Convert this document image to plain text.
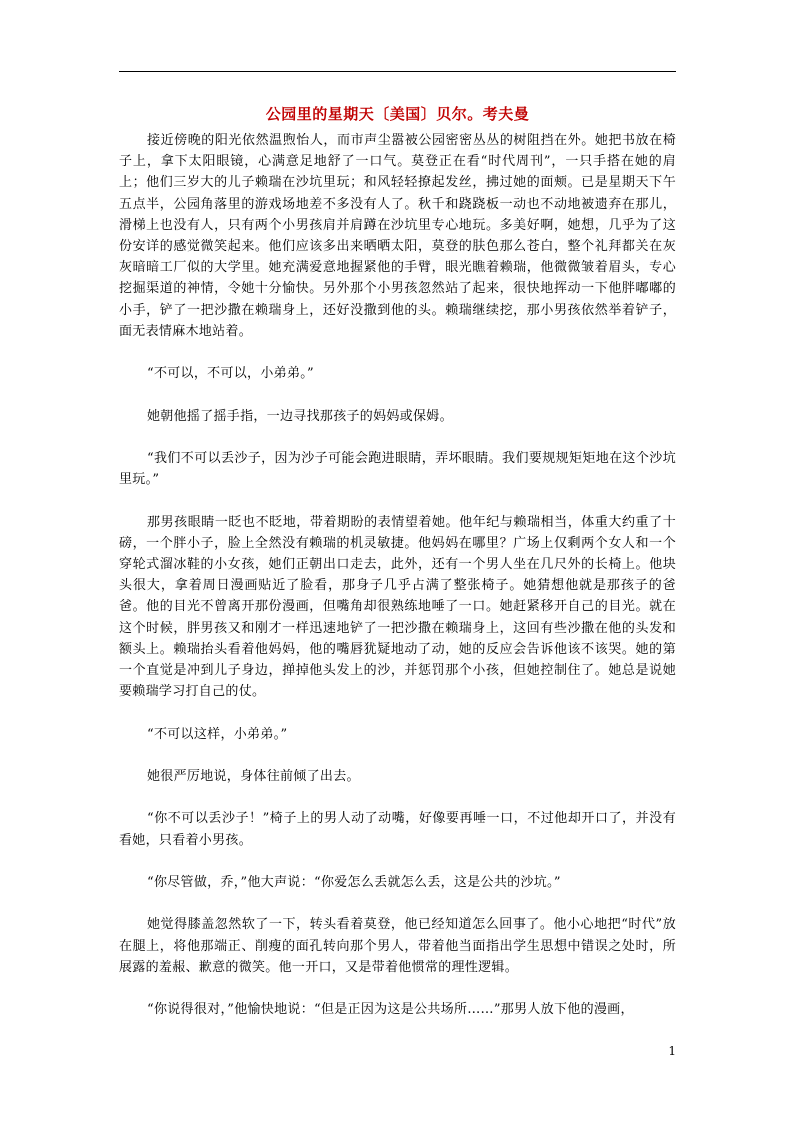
公园里的星期天〔美国〕贝尔。考夫曼

接近傍晚的阳光依然温煦怡人，而市声尘嚣被公园密密丛丛的树阻挡在外。她把书放在椅子上，拿下太阳眼镜，心满意足地舒了一口气。莫登正在看“时代周刊”，一只手搭在她的肩上；他们三岁大的儿子赖瑞在沙坑里玩；和风轻轻撩起发丝，拂过她的面颊。已是星期天下午五点半，公园角落里的游戏场地差不多没有人了。秋千和跷跷板一动也不动地被遗弃在那儿，滑梯上也没有人，只有两个小男孩肩并肩蹲在沙坑里专心地玩。多美好啊，她想，几乎为了这份安详的感觉微笑起来。他们应该多出来晒晒太阳，莫登的肤色那么苍白，整个礼拜都关在灰灰暗暗工厂似的大学里。她充满爱意地握紧他的手臂，眼光瞧着赖瑞，他微微皱着眉头，专心挖掘渠道的神情，令她十分愉快。另外那个小男孩忽然站了起来，很快地挥动一下他胖嘟嘟的小手，铲了一把沙撒在赖瑞身上，还好没撒到他的头。赖瑞继续挖，那小男孩依然举着铲子，面无表情麻木地站着。

“不可以，不可以，小弟弟。”

她朝他摇了摇手指，一边寻找那孩子的妈妈或保姆。

“我们不可以丢沙子，因为沙子可能会跑进眼睛，弄坏眼睛。我们要规规矩矩地在这个沙坑里玩。”

那男孩眼睛一眨也不眨地，带着期盼的表情望着她。他年纪与赖瑞相当，体重大约重了十磅，一个胖小子，脸上全然没有赖瑞的机灵敏捷。他妈妈在哪里？广场上仅剩两个女人和一个穿轮式溜冰鞋的小女孩，她们正朝出口走去，此外，还有一个男人坐在几尺外的长椅上。他块头很大，拿着周日漫画贴近了脸看，那身子几乎占满了整张椅子。她猜想他就是那孩子的爸爸。他的目光不曾离开那份漫画，但嘴角却很熟练地唾了一口。她赶紧移开自己的目光。就在这个时候，胖男孩又和刚才一样迅速地铲了一把沙撒在赖瑞身上，这回有些沙撒在他的头发和额头上。赖瑞抬头看着他妈妈，他的嘴唇犹疑地动了动，她的反应会告诉他该不该哭。她的第一个直觉是冲到儿子身边，掸掉他头发上的沙，并惩罚那个小孩，但她控制住了。她总是说她要赖瑞学习打自己的仗。

“不可以这样，小弟弟。”

她很严厉地说，身体往前倾了出去。

“你不可以丢沙子！”椅子上的男人动了动嘴，好像要再唾一口，不过他却开口了，并没有看她，只看着小男孩。

“你尽管做，乔，”他大声说：“你爱怎么丢就怎么丢，这是公共的沙坑。”

她觉得膝盖忽然软了一下，转头看着莫登，他已经知道怎么回事了。他小心地把“时代”放在腿上，将他那端正、削瘦的面孔转向那个男人，带着他当面指出学生思想中错误之处时，所展露的羞赧、歉意的微笑。他一开口，又是带着他惯常的理性逻辑。

“你说得很对，”他愉快地说：“但是正因为这是公共场所……”那男人放下他的漫画，

1
